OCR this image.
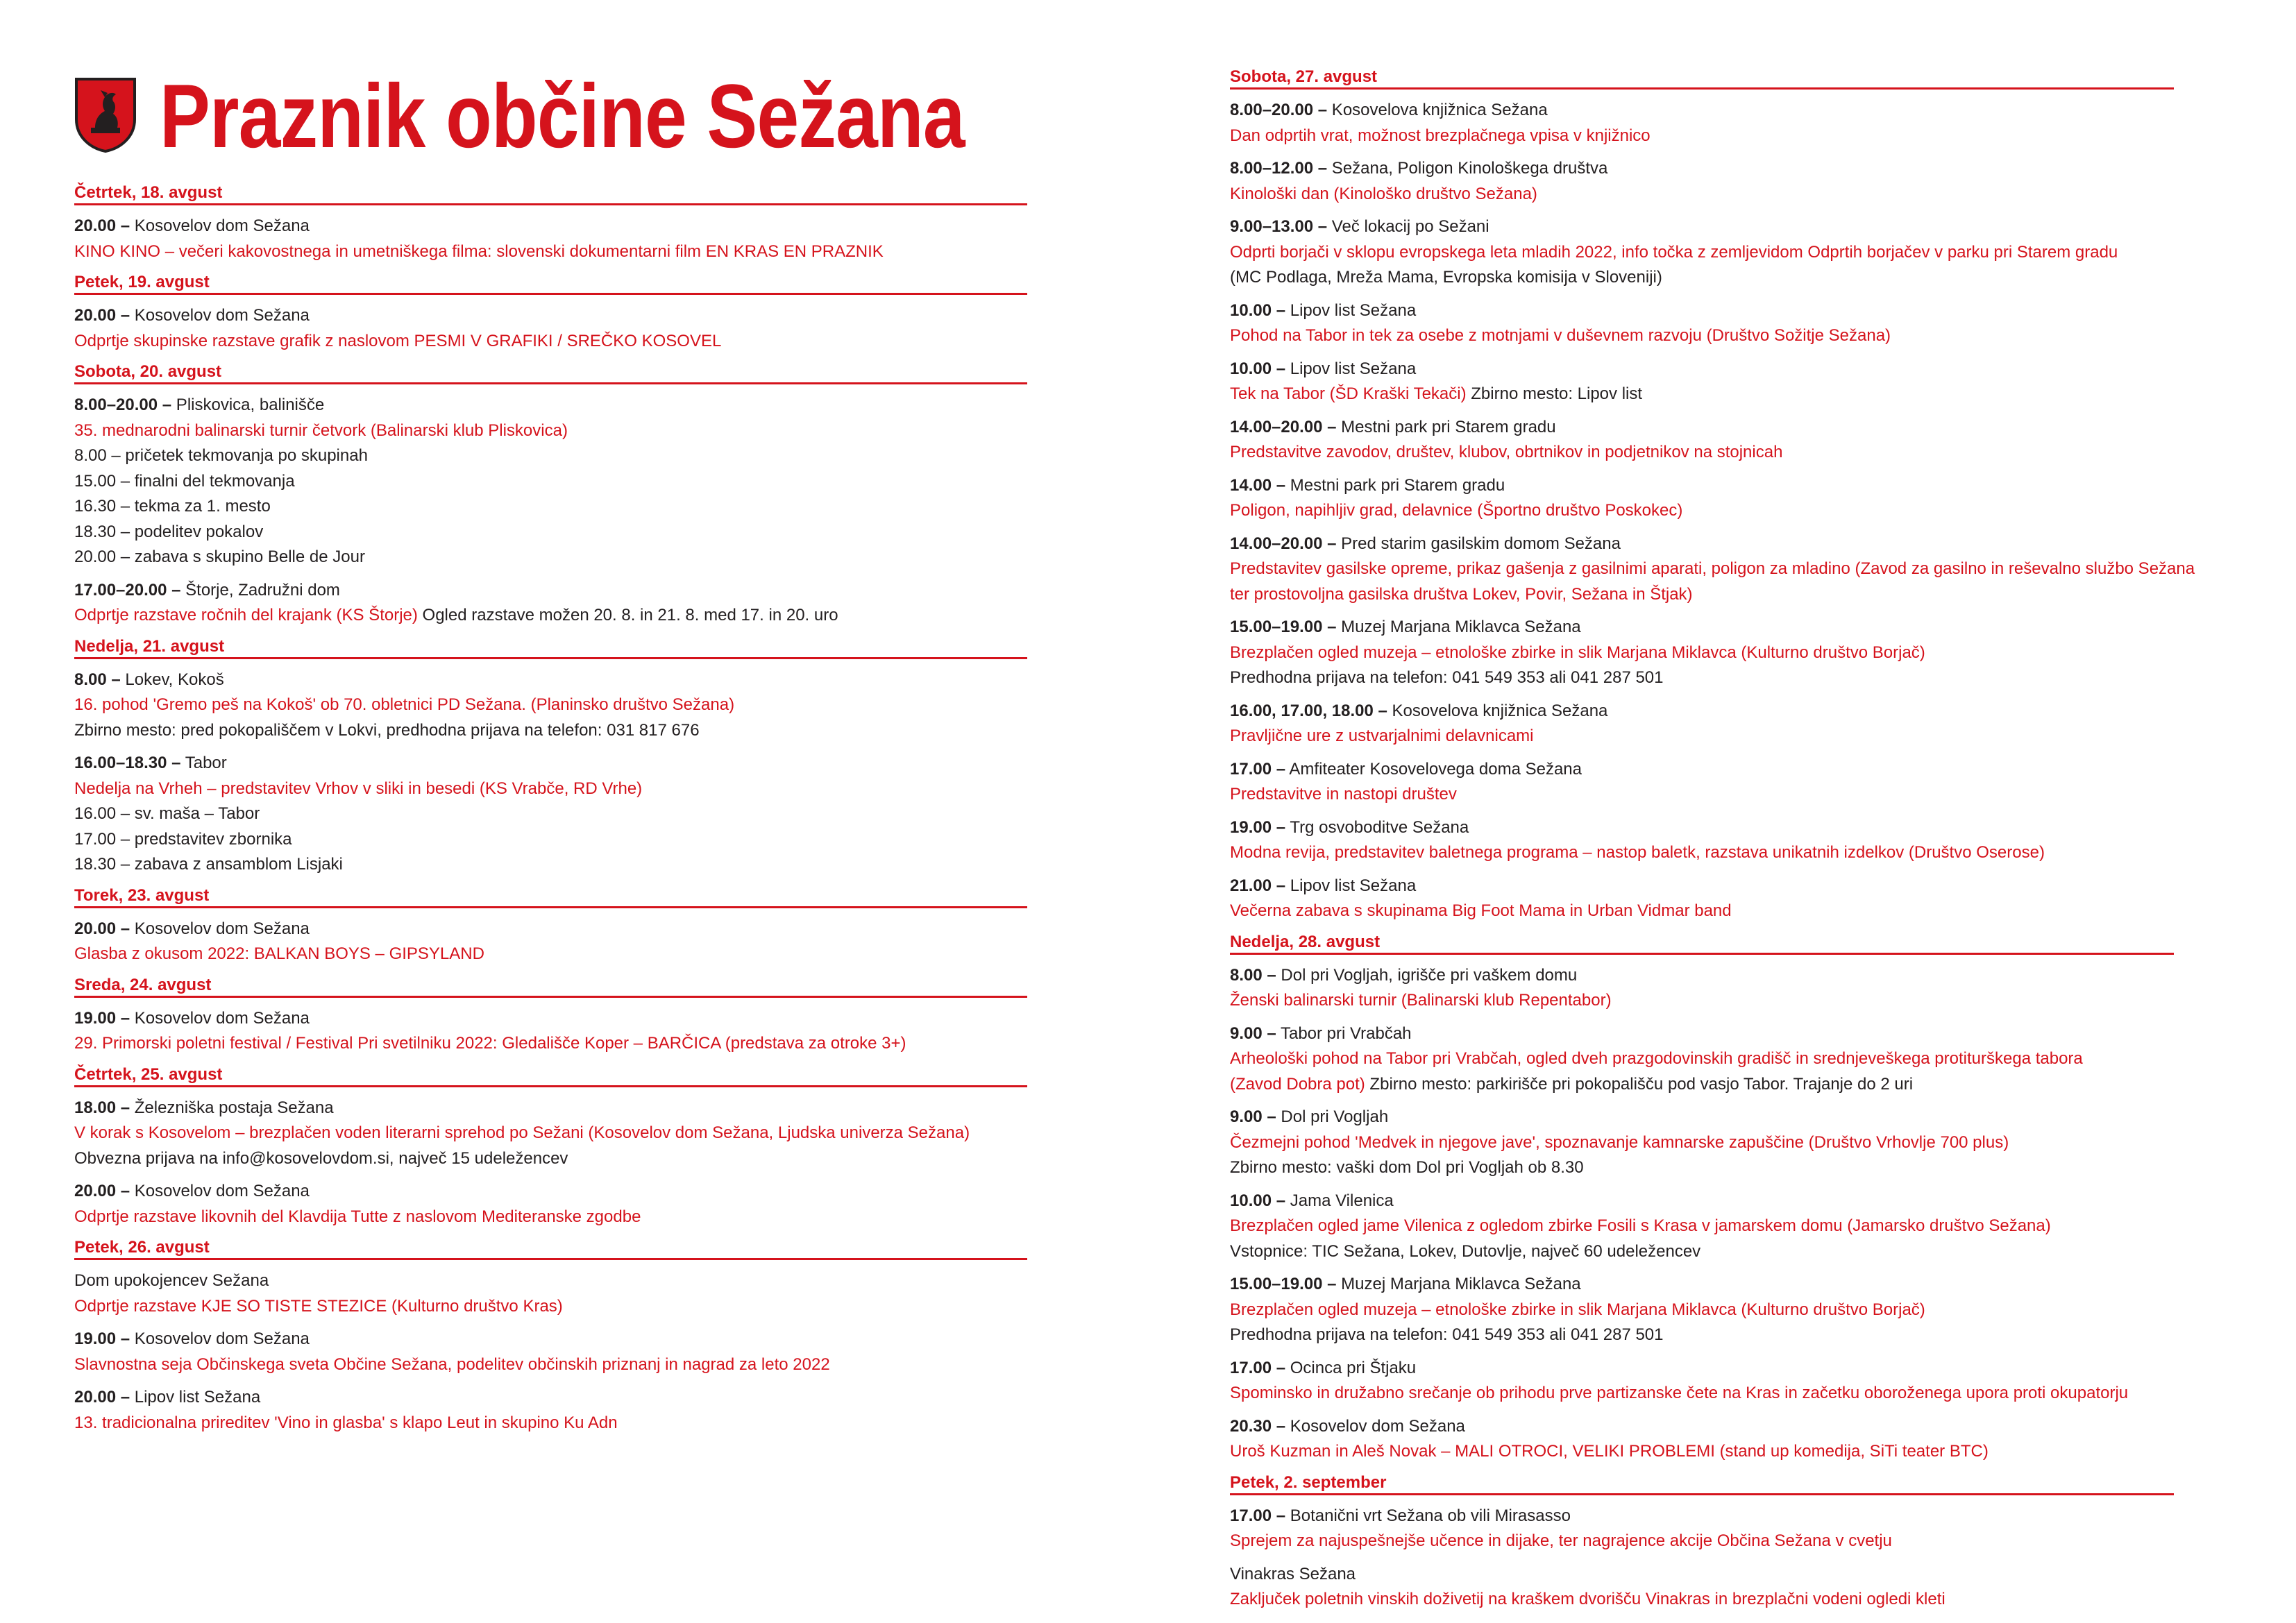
Praznik občine Sežana
Četrtek, 18. avgust
20.00 – Kosovelov dom Sežana
KINO KINO – večeri kakovostnega in umetniškega filma: slovenski dokumentarni film EN KRAS EN PRAZNIK
Petek, 19. avgust
20.00 – Kosovelov dom Sežana
Odprtje skupinske razstave grafik z naslovom PESMI V GRAFIKI / SREČKO KOSOVEL
Sobota, 20. avgust
8.00–20.00 – Pliskovica, balinišče
35. mednarodni balinarski turnir četvork (Balinarski klub Pliskovica)
8.00 – pričetek tekmovanja po skupinah
15.00 – finalni del tekmovanja
16.30 – tekma za 1. mesto
18.30 – podelitev pokalov
20.00 – zabava s skupino Belle de Jour
17.00–20.00 – Štorje, Zadružni dom
Odprtje razstave ročnih del krajank (KS Štorje) Ogled razstave možen 20. 8. in 21. 8. med 17. in 20. uro
Nedelja, 21. avgust
8.00 – Lokev, Kokoš
16. pohod 'Gremo peš na Kokoš' ob 70. obletnici PD Sežana. (Planinsko društvo Sežana)
Zbirno mesto: pred pokopališčem v Lokvi, predhodna prijava na telefon: 031 817 676
16.00–18.30 – Tabor
Nedelja na Vrheh – predstavitev Vrhov v sliki in besedi (KS Vrabče, RD Vrhe)
16.00 – sv. maša – Tabor
17.00 – predstavitev zbornika
18.30 – zabava z ansamblom Lisjaki
Torek, 23. avgust
20.00 – Kosovelov dom Sežana
Glasba z okusom 2022: BALKAN BOYS – GIPSYLAND
Sreda, 24. avgust
19.00 – Kosovelov dom Sežana
29. Primorski poletni festival / Festival Pri svetilniku 2022: Gledališče Koper – BARČICA (predstava za otroke 3+)
Četrtek, 25. avgust
18.00 – Železniška postaja Sežana
V korak s Kosovelom – brezplačen voden literarni sprehod po Sežani (Kosovelov dom Sežana, Ljudska univerza Sežana)
Obvezna prijava na info@kosovelovdom.si, največ 15 udeležencev
20.00 – Kosovelov dom Sežana
Odprtje razstave likovnih del Klavdija Tutte z naslovom Mediteranske zgodbe
Petek, 26. avgust
Dom upokojencev Sežana
Odprtje razstave KJE SO TISTE STEZICE (Kulturno društvo Kras)
19.00 – Kosovelov dom Sežana
Slavnostna seja Občinskega sveta Občine Sežana, podelitev občinskih priznanj in nagrad za leto 2022
20.00 – Lipov list Sežana
13. tradicionalna prireditev 'Vino in glasba' s klapo Leut in skupino Ku Adn
Sobota, 27. avgust
8.00–20.00 – Kosovelova knjižnica Sežana
Dan odprtih vrat, možnost brezplačnega vpisa v knjižnico
8.00–12.00 – Sežana, Poligon Kinološkega društva
Kinološki dan (Kinološko društvo Sežana)
9.00–13.00 – Več lokacij po Sežani
Odprti borjači v sklopu evropskega leta mladih 2022, info točka z zemljevidom Odprtih borjačev v parku pri Starem gradu
(MC Podlaga, Mreža Mama, Evropska komisija v Sloveniji)
10.00 – Lipov list Sežana
Pohod na Tabor in tek za osebe z motnjami v duševnem razvoju (Društvo Sožitje Sežana)
10.00 – Lipov list Sežana
Tek na Tabor (ŠD Kraški Tekači) Zbirno mesto: Lipov list
14.00–20.00 – Mestni park pri Starem gradu
Predstavitve zavodov, društev, klubov, obrtnikov in podjetnikov na stojnicah
14.00 – Mestni park pri Starem gradu
Poligon, napihljiv grad, delavnice (Športno društvo Poskokec)
14.00–20.00 – Pred starim gasilskim domom Sežana
Predstavitev gasilske opreme, prikaz gašenja z gasilnimi aparati, poligon za mladino (Zavod za gasilno in reševalno službo Sežana
ter prostovoljna gasilska društva Lokev, Povir, Sežana in Štjak)
15.00–19.00 – Muzej Marjana Miklavca Sežana
Brezplačen ogled muzeja – etnološke zbirke in slik Marjana Miklavca (Kulturno društvo Borjač)
Predhodna prijava na telefon: 041 549 353 ali 041 287 501
16.00, 17.00, 18.00 – Kosovelova knjižnica Sežana
Pravljične ure z ustvarjalnimi delavnicami
17.00 – Amfiteater Kosovelovega doma Sežana
Predstavitve in nastopi društev
19.00 – Trg osvoboditve Sežana
Modna revija, predstavitev baletnega programa – nastop baletk, razstava unikatnih izdelkov (Društvo Oserose)
21.00 – Lipov list Sežana
Večerna zabava s skupinama Big Foot Mama in Urban Vidmar band
Nedelja, 28. avgust
8.00 – Dol pri Vogljah, igrišče pri vaškem domu
Ženski balinarski turnir (Balinarski klub Repentabor)
9.00 – Tabor pri Vrabčah
Arheološki pohod na Tabor pri Vrabčah, ogled dveh prazgodovinskih gradišč in srednjeveškega protiturškega tabora
(Zavod Dobra pot) Zbirno mesto: parkirišče pri pokopališču pod vasjo Tabor. Trajanje do 2 uri
9.00 – Dol pri Vogljah
Čezmejni pohod 'Medvek in njegove jave', spoznavanje kamnarske zapuščine (Društvo Vrhovlje 700 plus)
Zbirno mesto: vaški dom Dol pri Vogljah ob 8.30
10.00 – Jama Vilenica
Brezplačen ogled jame Vilenica z ogledom zbirke Fosili s Krasa v jamarskem domu (Jamarsko društvo Sežana)
Vstopnice: TIC Sežana, Lokev, Dutovlje, največ 60 udeležencev
15.00–19.00 – Muzej Marjana Miklavca Sežana
Brezplačen ogled muzeja – etnološke zbirke in slik Marjana Miklavca (Kulturno društvo Borjač)
Predhodna prijava na telefon: 041 549 353 ali 041 287 501
17.00 – Ocinca pri Štjaku
Spominsko in družabno srečanje ob prihodu prve partizanske čete na Kras in začetku oboroženega upora proti okupatorju
20.30 – Kosovelov dom Sežana
Uroš Kuzman in Aleš Novak – MALI OTROCI, VELIKI PROBLEMI (stand up komedija, SiTi teater BTC)
Petek, 2. september
17.00 – Botanični vrt Sežana ob vili Mirasasso
Sprejem za najuspešnejše učence in dijake, ter nagrajence akcije Občina Sežana v cvetju
Vinakras Sežana
Zaključek poletnih vinskih doživetij na kraškem dvorišču Vinakras in brezplačni vodeni ogledi kleti
